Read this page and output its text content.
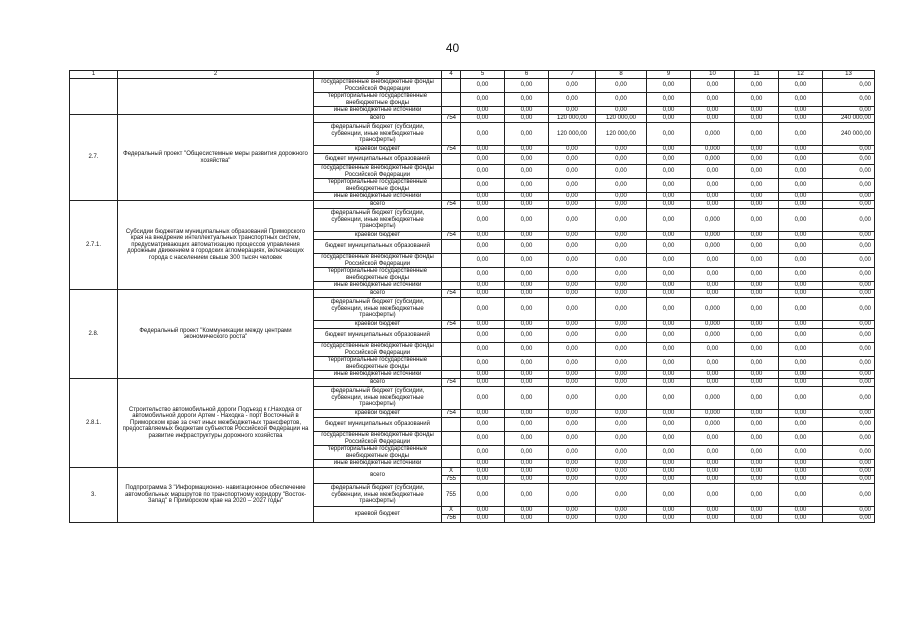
40
1	2	3	4	5	6	7	8	9	10	11	12	13
		государственные внебюджетные фонды Российской Федерации		0,00	0,00	0,00	0,00	0,00	0,00	0,00	0,00	0,00
		территориальные государственные внебюджетные фонды		0,00	0,00	0,00	0,00	0,00	0,00	0,00	0,00	0,00
		иные внебюджетные источники		0,00	0,00	0,00	0,00	0,00	0,00	0,00	0,00	0,00
2.7.	Федеральный проект "Общесистемные меры развития дорожного хозяйства"	всего	754	0,00	0,00	120 000,00	120 000,00	0,00	0,00	0,00	0,00	240 000,00
		федеральный бюджет (субсидии, субвенции, иные межбюджетные трансферты)		0,00	0,00	120 000,00	120 000,00	0,00	0,000	0,00	0,00	240 000,00
		краевой бюджет	754	0,00	0,00	0,00	0,00	0,00	0,000	0,00	0,00	0,00
		бюджет муниципальных образований		0,00	0,00	0,00	0,00	0,00	0,000	0,00	0,00	0,00
		государственные внебюджетные фонды Российской Федерации		0,00	0,00	0,00	0,00	0,00	0,00	0,00	0,00	0,00
		территориальные государственные внебюджетные фонды		0,00	0,00	0,00	0,00	0,00	0,00	0,00	0,00	0,00
		иные внебюджетные источники		0,00	0,00	0,00	0,00	0,00	0,00	0,00	0,00	0,00
2.7.1.	Субсидии бюджетам муниципальных образований Приморского края на внедрение интеллектуальных транспортных систем, предусматривающих автоматизацию процессов управления дорожным движением в городских агломерациях, включающих города с населением свыше 300 тысяч человек	всего	754	0,00	0,00	0,00	0,00	0,00	0,00	0,00	0,00	0,00
		федеральный бюджет (субсидии, субвенции, иные межбюджетные трансферты)		0,00	0,00	0,00	0,00	0,00	0,000	0,00	0,00	0,00
		краевой бюджет	754	0,00	0,00	0,00	0,00	0,00	0,000	0,00	0,00	0,00
		бюджет муниципальных образований		0,00	0,00	0,00	0,00	0,00	0,000	0,00	0,00	0,00
		государственные внебюджетные фонды Российской Федерации		0,00	0,00	0,00	0,00	0,00	0,00	0,00	0,00	0,00
		территориальные государственные внебюджетные фонды		0,00	0,00	0,00	0,00	0,00	0,00	0,00	0,00	0,00
		иные внебюджетные источники		0,00	0,00	0,00	0,00	0,00	0,00	0,00	0,00	0,00
2.8.	Федеральный проект "Коммуникации между центрами экономического роста"	всего	754	0,00	0,00	0,00	0,00	0,00	0,00	0,00	0,00	0,00
		федеральный бюджет (субсидии, субвенции, иные межбюджетные трансферты)		0,00	0,00	0,00	0,00	0,00	0,000	0,00	0,00	0,00
		краевой бюджет	754	0,00	0,00	0,00	0,00	0,00	0,000	0,00	0,00	0,00
		бюджет муниципальных образований		0,00	0,00	0,00	0,00	0,00	0,000	0,00	0,00	0,00
		государственные внебюджетные фонды Российской Федерации		0,00	0,00	0,00	0,00	0,00	0,00	0,00	0,00	0,00
		территориальные государственные внебюджетные фонды		0,00	0,00	0,00	0,00	0,00	0,00	0,00	0,00	0,00
		иные внебюджетные источники		0,00	0,00	0,00	0,00	0,00	0,00	0,00	0,00	0,00
2.8.1.	Строительство автомобильной дороги Подъезд к г.Находка от автомобильной дороги Артем - Находка - порт Восточный в Приморском крае за счет иных межбюджетных трансфертов, предоставляемых бюджетам субъектов Российской Федерации на развитие инфраструктуры дорожного хозяйства	всего	754	0,00	0,00	0,00	0,00	0,00	0,00	0,00	0,00	0,00
		федеральный бюджет (субсидии, субвенции, иные межбюджетные трансферты)		0,00	0,00	0,00	0,00	0,00	0,000	0,00	0,00	0,00
		краевой бюджет	754	0,00	0,00	0,00	0,00	0,00	0,000	0,00	0,00	0,00
		бюджет муниципальных образований		0,00	0,00	0,00	0,00	0,00	0,000	0,00	0,00	0,00
		государственные внебюджетные фонды Российской Федерации		0,00	0,00	0,00	0,00	0,00	0,00	0,00	0,00	0,00
		территориальные государственные внебюджетные фонды		0,00	0,00	0,00	0,00	0,00	0,00	0,00	0,00	0,00
		иные внебюджетные источники		0,00	0,00	0,00	0,00	0,00	0,00	0,00	0,00	0,00
3.	Подпрограмма 3 "Информационно- навигационное обеспечение автомобильных маршрутов по транспортному коридору "Восток- Запад" в Приморском крае на 2020 – 2027 годы"	всего	X	0,00	0,00	0,00	0,00	0,00	0,00	0,00	0,00	0,00
			755	0,00	0,00	0,00	0,00	0,00	0,00	0,00	0,00	0,00
		федеральный бюджет (субсидии, субвенции, иные межбюджетные трансферты)	755	0,00	0,00	0,00	0,00	0,00	0,00	0,00	0,00	0,00
		краевой бюджет	X	0,00	0,00	0,00	0,00	0,00	0,00	0,00	0,00	0,00
			756	0,00	0,00	0,00	0,00	0,00	0,00	0,00	0,00	0,00
